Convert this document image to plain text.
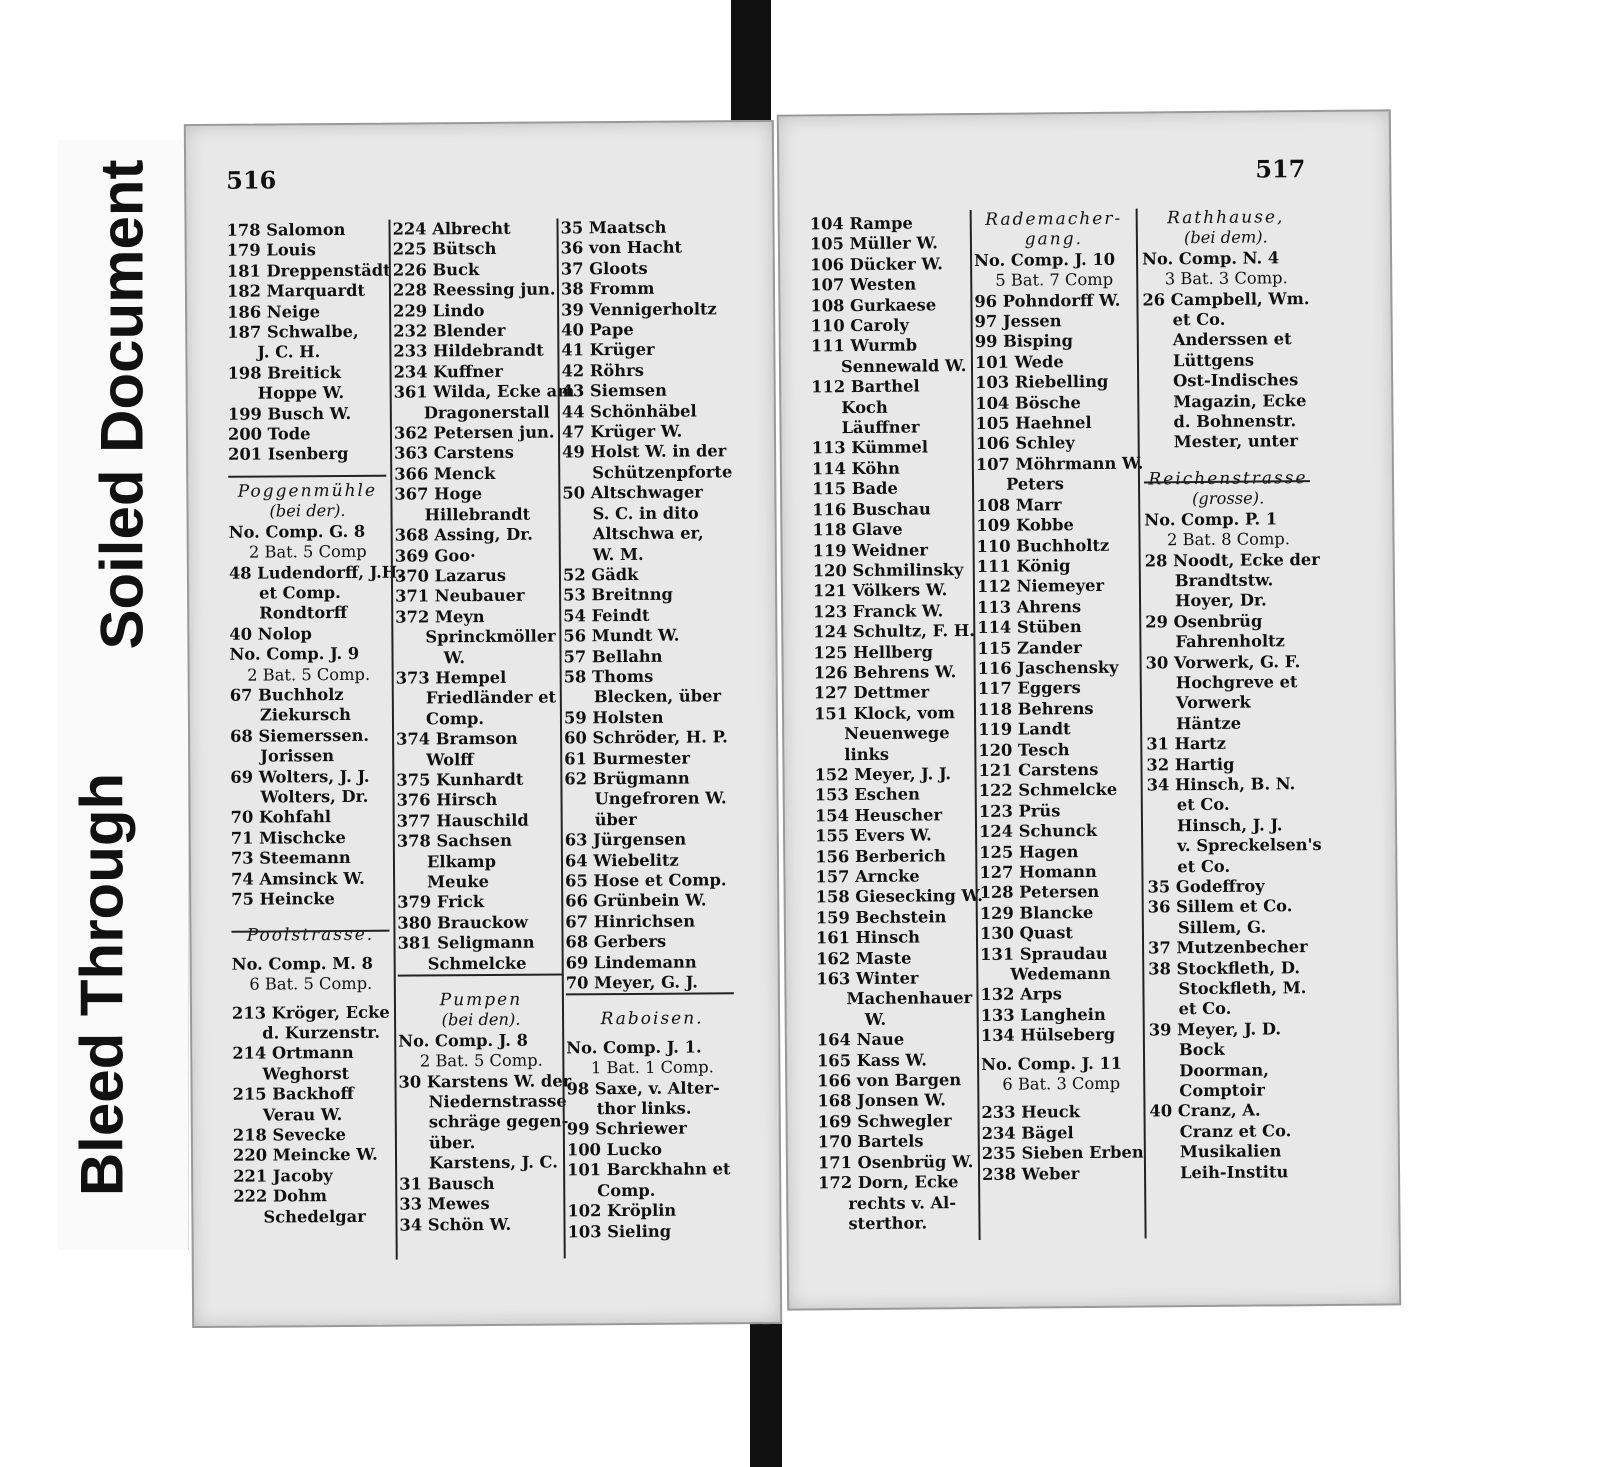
Soiled Document
Bleed Through
516
178 Salomon
179 Louis
181 Dreppenstädt
182 Marquardt
186 Neige
187 Schwalbe,
J. C. H.
198 Breitick
Hoppe W.
199 Busch W.
200 Tode
201 Isenberg
Poggenmühle
(bei der).
No. Comp. G. 8
2 Bat. 5 Comp
48 Ludendorff, J.H.
et Comp.
Rondtorff
40 Nolop
No. Comp. J. 9
2 Bat. 5 Comp.
67 Buchholz
Ziekursch
68 Siemerssen.
Jorissen
69 Wolters, J. J.
Wolters, Dr.
70 Kohfahl
71 Mischcke
73 Steemann
74 Amsinck W.
75 Heincke
Poolstrasse.
No. Comp. M. 8
6 Bat. 5 Comp.
213 Kröger, Ecke
d. Kurzenstr.
214 Ortmann
Weghorst
215 Backhoff
Verau W.
218 Sevecke
220 Meincke W.
221 Jacoby
222 Dohm
Schedelgar
224 Albrecht
225 Bütsch
226 Buck
228 Reessing jun.
229 Lindo
232 Blender
233 Hildebrandt
234 Kuffner
361 Wilda, Ecke am
Dragonerstall
362 Petersen jun.
363 Carstens
366 Menck
367 Hoge
Hillebrandt
368 Assing, Dr.
369 Goo·
370 Lazarus
371 Neubauer
372 Meyn
Sprinckmöller
W.
373 Hempel
Friedländer et
Comp.
374 Bramson
Wolff
375 Kunhardt
376 Hirsch
377 Hauschild
378 Sachsen
Elkamp
Meuke
379 Frick
380 Brauckow
381 Seligmann
Schmelcke
Pumpen
(bei den).
No. Comp. J. 8
2 Bat. 5 Comp.
30 Karstens W. der
Niedernstrasse
schräge gegen-
über.
Karstens, J. C.
31 Bausch
33 Mewes
34 Schön W.
35 Maatsch
36 von Hacht
37 Gloots
38 Fromm
39 Vennigerholtz
40 Pape
41 Krüger
42 Röhrs
43 Siemsen
44 Schönhäbel
47 Krüger W.
49 Holst W. in der
Schützenpforte
50 Altschwager
S. C. in dito
Altschwa er,
W. M.
52 Gädk
53 Breitnng
54 Feindt
56 Mundt W.
57 Bellahn
58 Thoms
Blecken, über
59 Holsten
60 Schröder, H. P.
61 Burmester
62 Brügmann
Ungefroren W.
über
63 Jürgensen
64 Wiebelitz
65 Hose et Comp.
66 Grünbein W.
67 Hinrichsen
68 Gerbers
69 Lindemann
70 Meyer, G. J.
Raboisen.
No. Comp. J. 1.
1 Bat. 1 Comp.
98 Saxe, v. Alter-
thor links.
99 Schriewer
100 Lucko
101 Barckhahn et
Comp.
102 Kröplin
103 Sieling
517
104 Rampe
105 Müller W.
106 Dücker W.
107 Westen
108 Gurkaese
110 Caroly
111 Wurmb
Sennewald W.
112 Barthel
Koch
Läuffner
113 Kümmel
114 Köhn
115 Bade
116 Buschau
118 Glave
119 Weidner
120 Schmilinsky
121 Völkers W.
123 Franck W.
124 Schultz, F. H.
125 Hellberg
126 Behrens W.
127 Dettmer
151 Klock, vom
Neuenwege
links
152 Meyer, J. J.
153 Eschen
154 Heuscher
155 Evers W.
156 Berberich
157 Arncke
158 Giesecking W.
159 Bechstein
161 Hinsch
162 Maste
163 Winter
Machenhauer
W.
164 Naue
165 Kass W.
166 von Bargen
168 Jonsen W.
169 Schwegler
170 Bartels
171 Osenbrüg W.
172 Dorn, Ecke
rechts v. Al-
sterthor.
Rademacher-
gang.
No. Comp. J. 10
5 Bat. 7 Comp
96 Pohndorff W.
97 Jessen
99 Bisping
101 Wede
103 Riebelling
104 Bösche
105 Haehnel
106 Schley
107 Möhrmann W.
Peters
108 Marr
109 Kobbe
110 Buchholtz
111 König
112 Niemeyer
113 Ahrens
114 Stüben
115 Zander
116 Jaschensky
117 Eggers
118 Behrens
119 Landt
120 Tesch
121 Carstens
122 Schmelcke
123 Prüs
124 Schunck
125 Hagen
127 Homann
128 Petersen
129 Blancke
130 Quast
131 Spraudau
Wedemann
132 Arps
133 Langhein
134 Hülseberg
No. Comp. J. 11
6 Bat. 3 Comp
233 Heuck
234 Bägel
235 Sieben Erben
238 Weber
Rathhause,
(bei dem).
No. Comp. N. 4
3 Bat. 3 Comp.
26 Campbell, Wm.
et Co.
Anderssen et
Lüttgens
Ost-Indisches
Magazin, Ecke
d. Bohnenstr.
Mester, unter
Reichenstrasse
(grosse).
No. Comp. P. 1
2 Bat. 8 Comp.
28 Noodt, Ecke der
Brandtstw.
Hoyer, Dr.
29 Osenbrüg
Fahrenholtz
30 Vorwerk, G. F.
Hochgreve et
Vorwerk
Häntze
31 Hartz
32 Hartig
34 Hinsch, B. N.
et Co.
Hinsch, J. J.
v. Spreckelsen's
et Co.
35 Godeffroy
36 Sillem et Co.
Sillem, G.
37 Mutzenbecher
38 Stockfleth, D.
Stockfleth, M.
et Co.
39 Meyer, J. D.
Bock
Doorman,
Comptoir
40 Cranz, A.
Cranz et Co.
Musikalien
Leih-Institu
